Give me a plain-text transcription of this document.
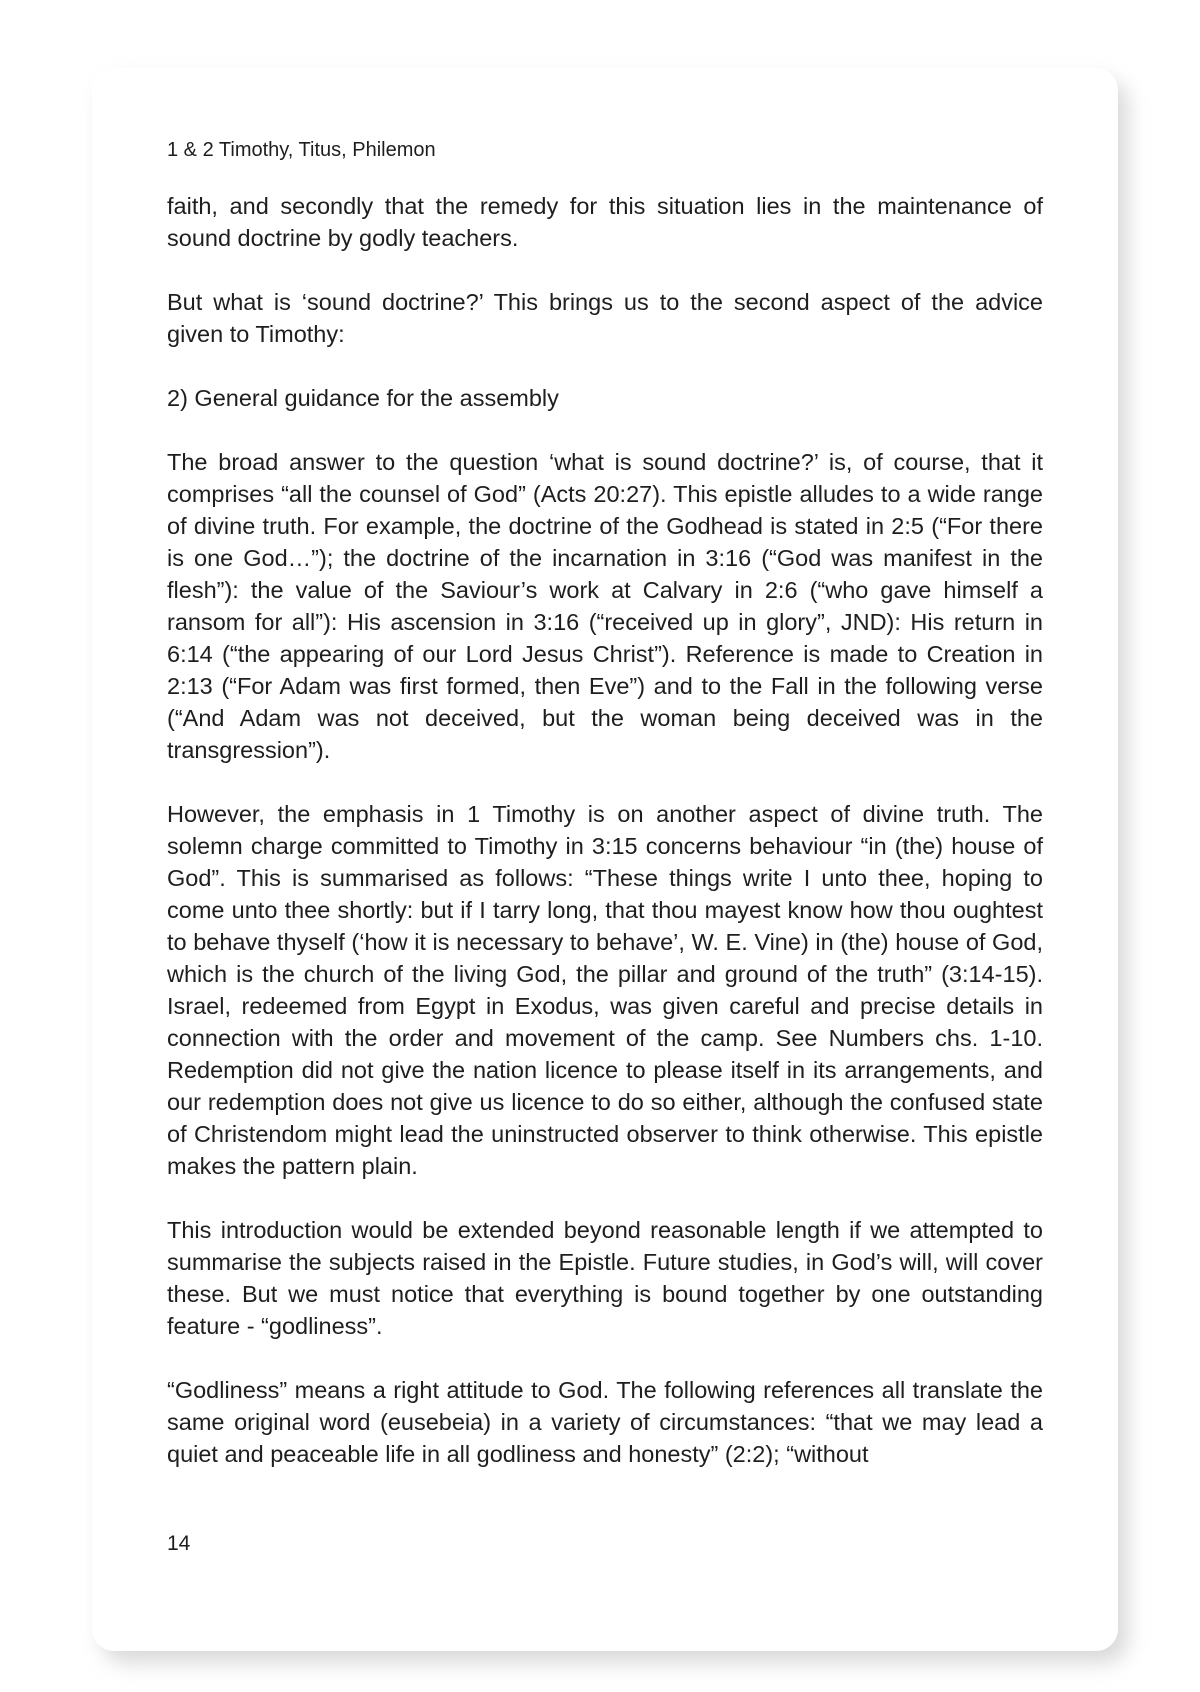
1 & 2 Timothy, Titus, Philemon

faith, and secondly that the remedy for this situation lies in the maintenance of sound doctrine by godly teachers.

But what is ‘sound doctrine?’ This brings us to the second aspect of the advice given to Timothy:

2) General guidance for the assembly

The broad answer to the question ‘what is sound doctrine?’ is, of course, that it comprises “all the counsel of God” (Acts 20:27). This epistle alludes to a wide range of divine truth. For example, the doctrine of the Godhead is stated in 2:5 (“For there is one God…”); the doctrine of the incarnation in 3:16 (“God was manifest in the flesh”): the value of the Saviour’s work at Calvary in 2:6 (“who gave himself a ransom for all”): His ascension in 3:16 (“received up in glory”, JND): His return in 6:14 (“the appearing of our Lord Jesus Christ”). Reference is made to Creation in 2:13 (“For Adam was first formed, then Eve”) and to the Fall in the following verse (“And Adam was not deceived, but the woman being deceived was in the transgression”).

However, the emphasis in 1 Timothy is on another aspect of divine truth. The solemn charge committed to Timothy in 3:15 concerns behaviour “in (the) house of God”. This is summarised as follows: “These things write I unto thee, hoping to come unto thee shortly: but if I tarry long, that thou mayest know how thou oughtest to behave thyself (‘how it is necessary to behave’, W. E. Vine) in (the) house of God, which is the church of the living God, the pillar and ground of the truth” (3:14-15). Israel, redeemed from Egypt in Exodus, was given careful and precise details in connection with the order and movement of the camp. See Numbers chs. 1-10. Redemption did not give the nation licence to please itself in its arrangements, and our redemption does not give us licence to do so either, although the confused state of Christendom might lead the uninstructed observer to think otherwise. This epistle makes the pattern plain.

This introduction would be extended beyond reasonable length if we attempted to summarise the subjects raised in the Epistle. Future studies, in God’s will, will cover these. But we must notice that everything is bound together by one outstanding feature - “godliness”.

“Godliness” means a right attitude to God. The following references all translate the same original word (eusebeia) in a variety of circumstances: “that we may lead a quiet and peaceable life in all godliness and honesty” (2:2); “without

14
